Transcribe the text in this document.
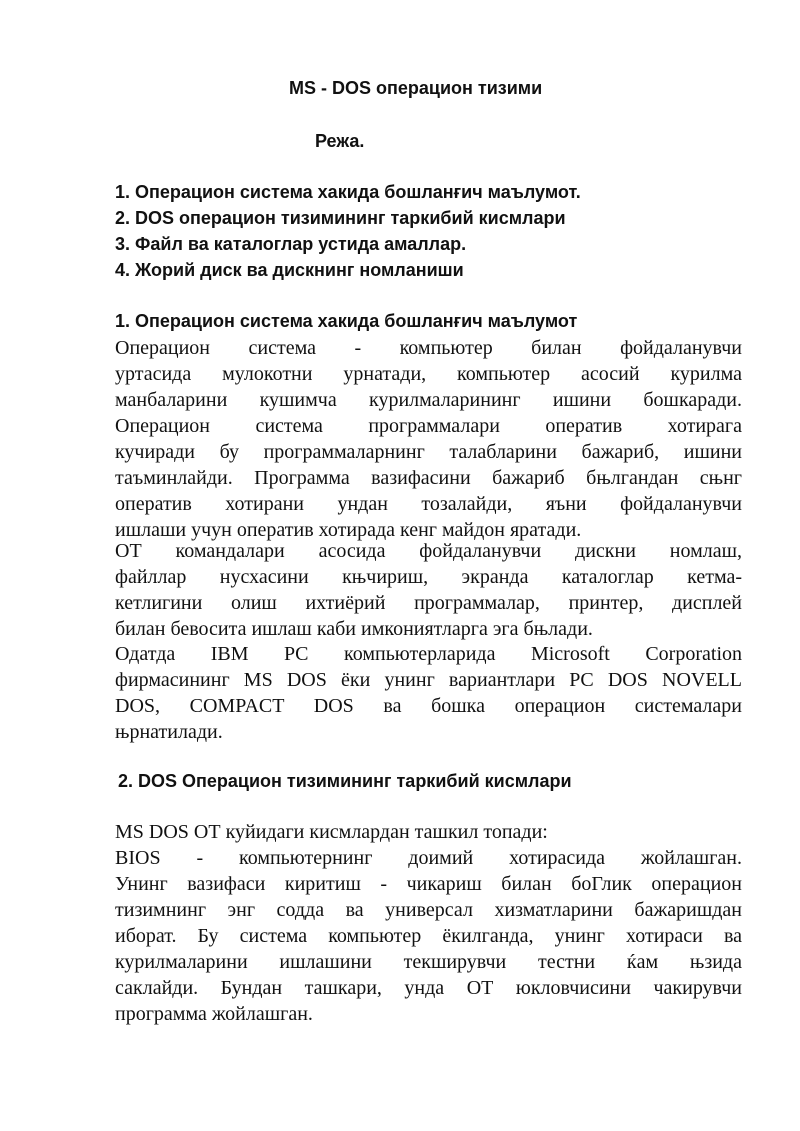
MS - DOS операцион тизими
Режа.
1. Операцион система хакида бошланғич маълумот.
2. DOS операцион тизимининг таркибий кисмлари
3. Файл ва каталоглар устида амаллар.
4. Жорий диск ва дискнинг номланиши
1. Операцион система хакида бошланғич маълумот
Операцион система - компьютер билан фойдаланувчи
уртасида мулокотни урнатади, компьютер асосий курилма
манбаларини кушимча курилмаларининг ишини бошкаради.
Операцион система программалари оператив хотирага
кучиради бу программаларнинг талабларини бажариб, ишини
таъминлайди. Программа вазифасини бажариб бњлгандан сњнг
оператив хотирани ундан тозалайди, яъни фойдаланувчи
ишлаши учун оператив хотирада кенг майдон яратади.
ОТ командалари асосида фойдаланувчи дискни номлаш,
файллар нусхасини књчириш, экранда каталоглар кетма-
кетлигини олиш ихтиёрий программалар, принтер, дисплей
билан бевосита ишлаш каби имкониятларга эга бњлади.
Одатда IBM PC компьютерларида Microsoft Corporation
фирмасининг MS DOS ёки унинг вариантлари PC DOS NOVELL
DOS, COMPACT DOS ва бошка операцион системалари
њрнатилади.
2. DOS Операцион тизимининг таркибий кисмлари
MS DOS ОТ куйидаги кисмлардан ташкил топади:
BIOS - компьютернинг доимий хотирасида жойлашган.
Унинг вазифаси киритиш - чикариш билан боГлик операцион
тизимнинг энг содда ва универсал хизматларини бажаришдан
иборат. Бу система компьютер ёкилганда, унинг хотираси ва
курилмаларини ишлашини текширувчи тестни ќам њзида
саклайди. Бундан ташкари, унда ОТ юкловчисини чакирувчи
программа жойлашган.
